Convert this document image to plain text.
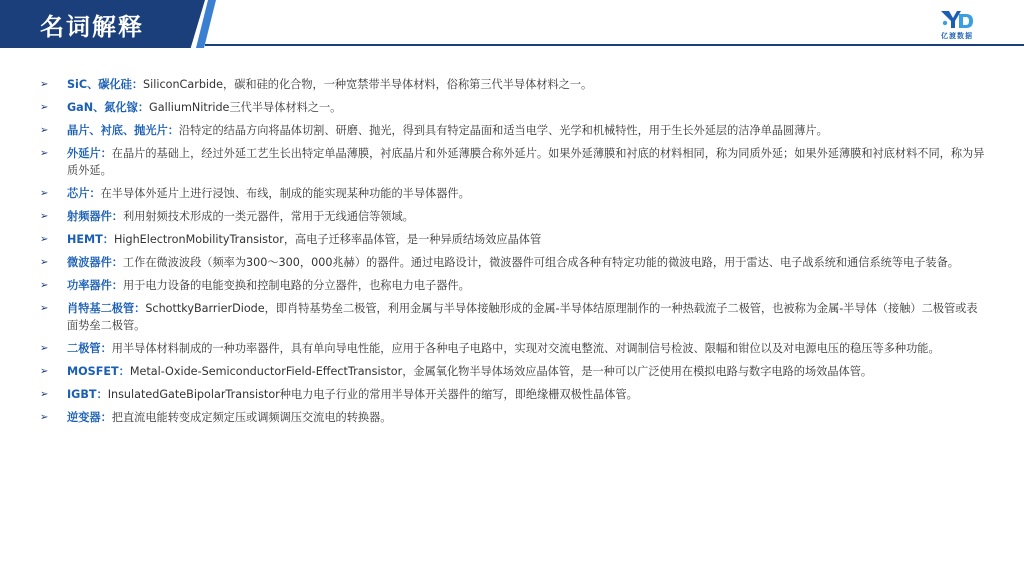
名词解释	亿渡数据
➢	SiC、碳化硅：SiliconCarbide，碳和硅的化合物，一种宽禁带半导体材料，俗称第三代半导体材料之一。
➢	GaN、氮化镓：GalliumNitride三代半导体材料之一。
➢	晶片、衬底、抛光片：沿特定的结晶方向将晶体切割、研磨、抛光，得到具有特定晶面和适当电学、光学和机械特性，用于生长外延层的洁净单晶圆薄片。
➢	外延片：在晶片的基础上，经过外延工艺生长出特定单晶薄膜，衬底晶片和外延薄膜合称外延片。如果外延薄膜和衬底的材料相同，称为同质外延；如果外延薄膜和衬底材料不同，称为异质外延。
➢	芯片：在半导体外延片上进行浸蚀、布线，制成的能实现某种功能的半导体器件。
➢	射频器件：利用射频技术形成的一类元器件，常用于无线通信等领域。
➢	HEMT：HighElectronMobilityTransistor，高电子迁移率晶体管，是一种异质结场效应晶体管
➢	微波器件：工作在微波波段（频率为300～300，000兆赫）的器件。通过电路设计，微波器件可组合成各种有特定功能的微波电路，用于雷达、电子战系统和通信系统等电子装备。
➢	功率器件：用于电力设备的电能变换和控制电路的分立器件，也称电力电子器件。
➢	肖特基二极管：SchottkyBarrierDiode，即肖特基势垒二极管，利用金属与半导体接触形成的金属-半导体结原理制作的一种热载流子二极管，也被称为金属-半导体（接触）二极管或表面势垒二极管。
➢	二极管：用半导体材料制成的一种功率器件，具有单向导电性能，应用于各种电子电路中，实现对交流电整流、对调制信号检波、限幅和钳位以及对电源电压的稳压等多种功能。
➢	MOSFET：Metal-Oxide-SemiconductorField-EffectTransistor，金属氧化物半导体场效应晶体管，是一种可以广泛使用在模拟电路与数字电路的场效晶体管。
➢	IGBT：InsulatedGateBipolarTransistor种电力电子行业的常用半导体开关器件的缩写，即绝缘栅双极性晶体管。
➢	逆变器：把直流电能转变成定频定压或调频调压交流电的转换器。
